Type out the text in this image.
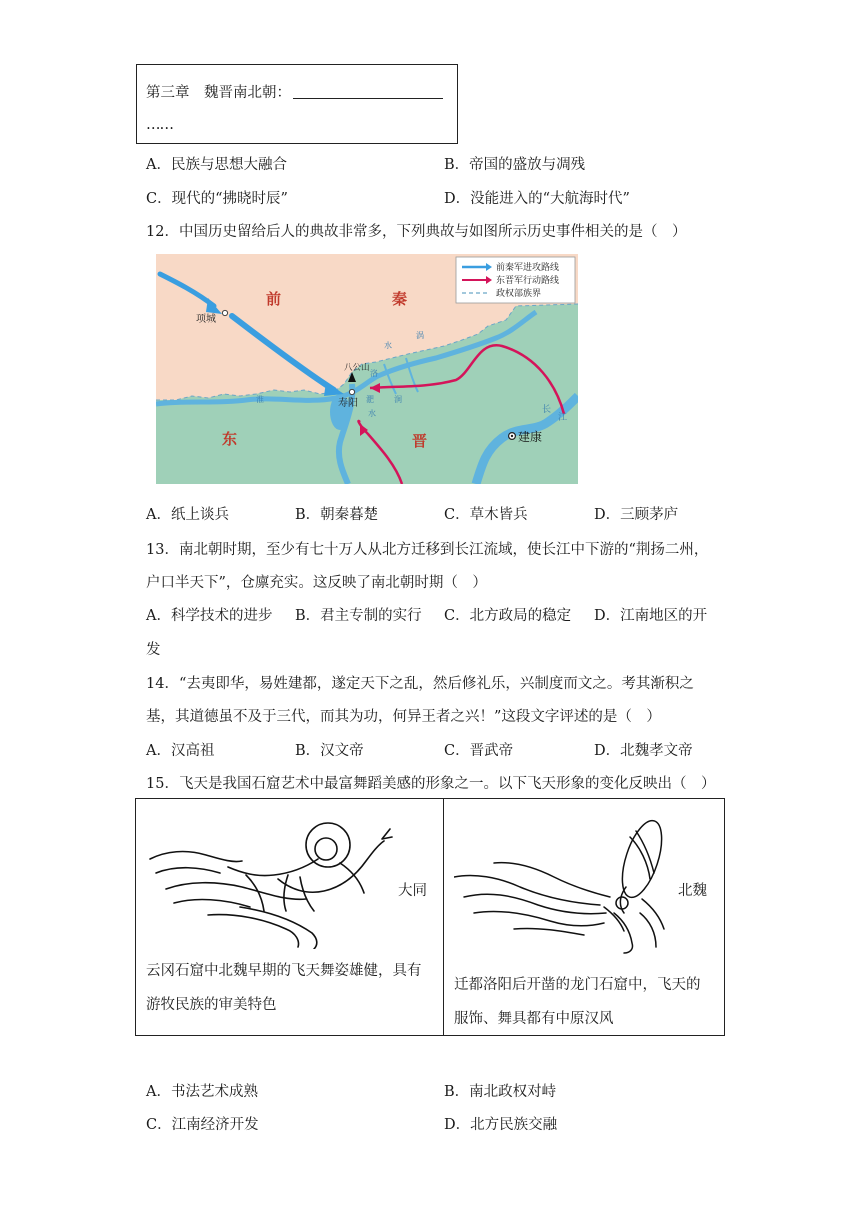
第三章　魏晋南北朝：
……
A．民族与思想大融合	B．帝国的盛放与凋残
C．现代的“拂晓时辰”	D．没能进入的“大航海时代”
12．中国历史留给后人的典故非常多，下列典故与如图所示历史事件相关的是（　）
前秦军进攻路线
东晋军行动路线
政权部族界
前	秦
东	晋
项城
寿阳
建康
八公山
水
涡
淝
水
洛
涧
长
江
淮
A．纸上谈兵	B．朝秦暮楚	C．草木皆兵	D．三顾茅庐
13．南北朝时期，至少有七十万人从北方迁移到长江流域，使长江中下游的“荆扬二州，
户口半天下”，仓廪充实。这反映了南北朝时期（　）
A．科学技术的进步 B．君主专制的实行 C．北方政局的稳定 D．江南地区的开
发
14．“去夷即华，易姓建都，遂定天下之乱，然后修礼乐，兴制度而文之。考其渐积之
基，其道德虽不及于三代，而其为功，何异王者之兴！”这段文字评述的是（　）
A．汉高祖	B．汉文帝	C．晋武帝	D．北魏孝文帝
15．飞天是我国石窟艺术中最富舞蹈美感的形象之一。以下飞天形象的变化反映出（　）
大同
云冈石窟中北魏早期的飞天舞姿雄健，具有
游牧民族的审美特色
北魏
迁都洛阳后开凿的龙门石窟中，飞天的
服饰、舞具都有中原汉风
A．书法艺术成熟	B．南北政权对峙
C．江南经济开发	D．北方民族交融
